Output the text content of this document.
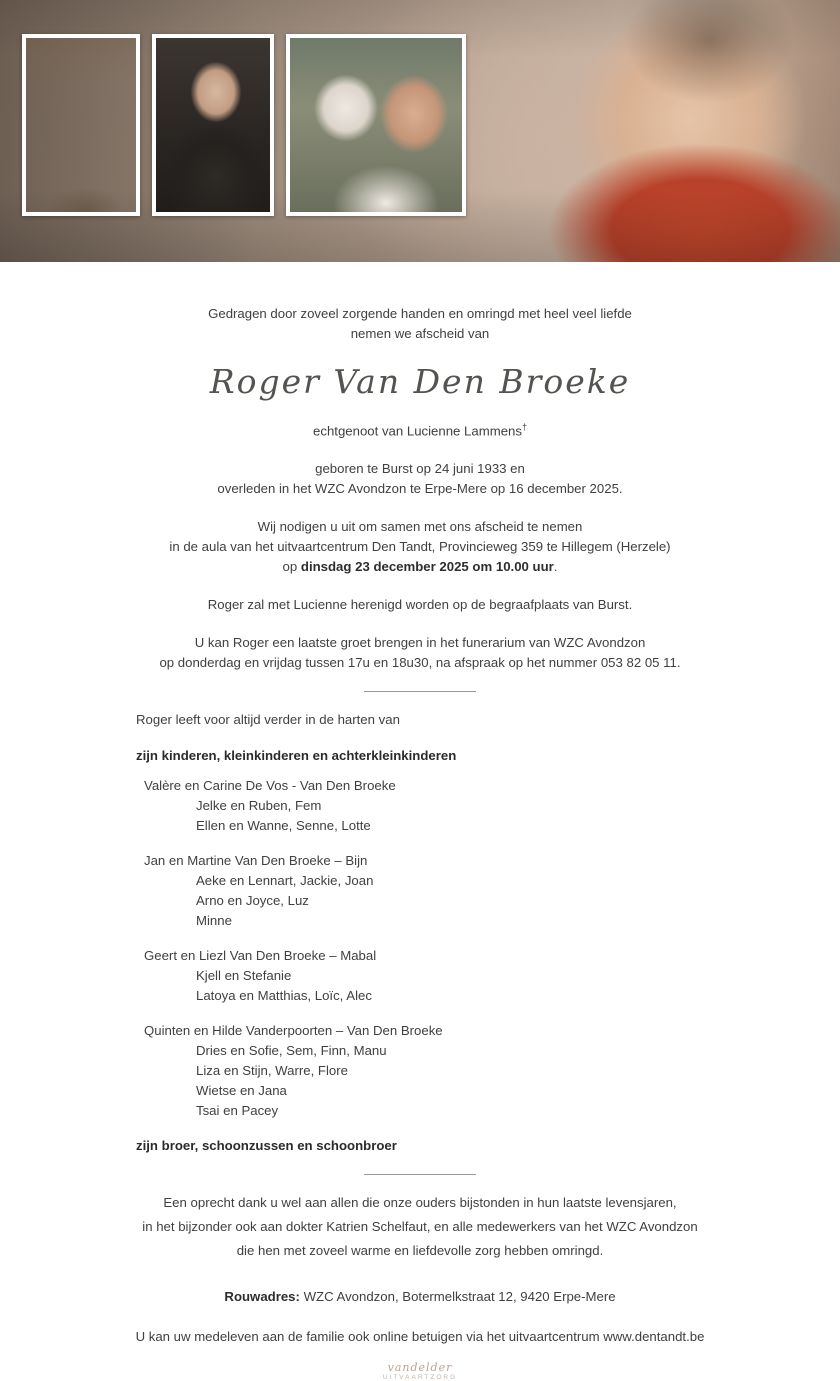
Gedragen door zoveel zorgende handen en omringd met heel veel liefde
nemen we afscheid van
Roger Van Den Broeke
echtgenoot van Lucienne Lammens†
geboren te Burst op 24 juni 1933 en
overleden in het WZC Avondzon te Erpe-Mere op 16 december 2025.
Wij nodigen u uit om samen met ons afscheid te nemen
in de aula van het uitvaartcentrum Den Tandt, Provincieweg 359 te Hillegem (Herzele)
op dinsdag 23 december 2025 om 10.00 uur.
Roger zal met Lucienne herenigd worden op de begraafplaats van Burst.
U kan Roger een laatste groet brengen in het funerarium van WZC Avondzon
op donderdag en vrijdag tussen 17u en 18u30, na afspraak op het nummer 053 82 05 11.
Roger leeft voor altijd verder in de harten van
zijn kinderen, kleinkinderen en achterkleinkinderen
Valère en Carine De Vos - Van Den Broeke
Jelke en Ruben, Fem
Ellen en Wanne, Senne, Lotte
Jan en Martine Van Den Broeke – Bijn
Aeke en Lennart, Jackie, Joan
Arno en Joyce, Luz
Minne
Geert en Liezl Van Den Broeke – Mabal
Kjell en Stefanie
Latoya en Matthias, Loïc, Alec
Quinten en Hilde Vanderpoorten – Van Den Broeke
Dries en Sofie, Sem, Finn, Manu
Liza en Stijn, Warre, Flore
Wietse en Jana
Tsai en Pacey
zijn broer, schoonzussen en schoonbroer
Een oprecht dank u wel aan allen die onze ouders bijstonden in hun laatste levensjaren,
in het bijzonder ook aan dokter Katrien Schelfaut, en alle medewerkers van het WZC Avondzon
die hen met zoveel warme en liefdevolle zorg hebben omringd.
Rouwadres: WZC Avondzon, Botermelkstraat 12, 9420 Erpe-Mere
U kan uw medeleven aan de familie ook online betuigen via het uitvaartcentrum www.dentandt.be
vandelder
UITVAARTZORG
